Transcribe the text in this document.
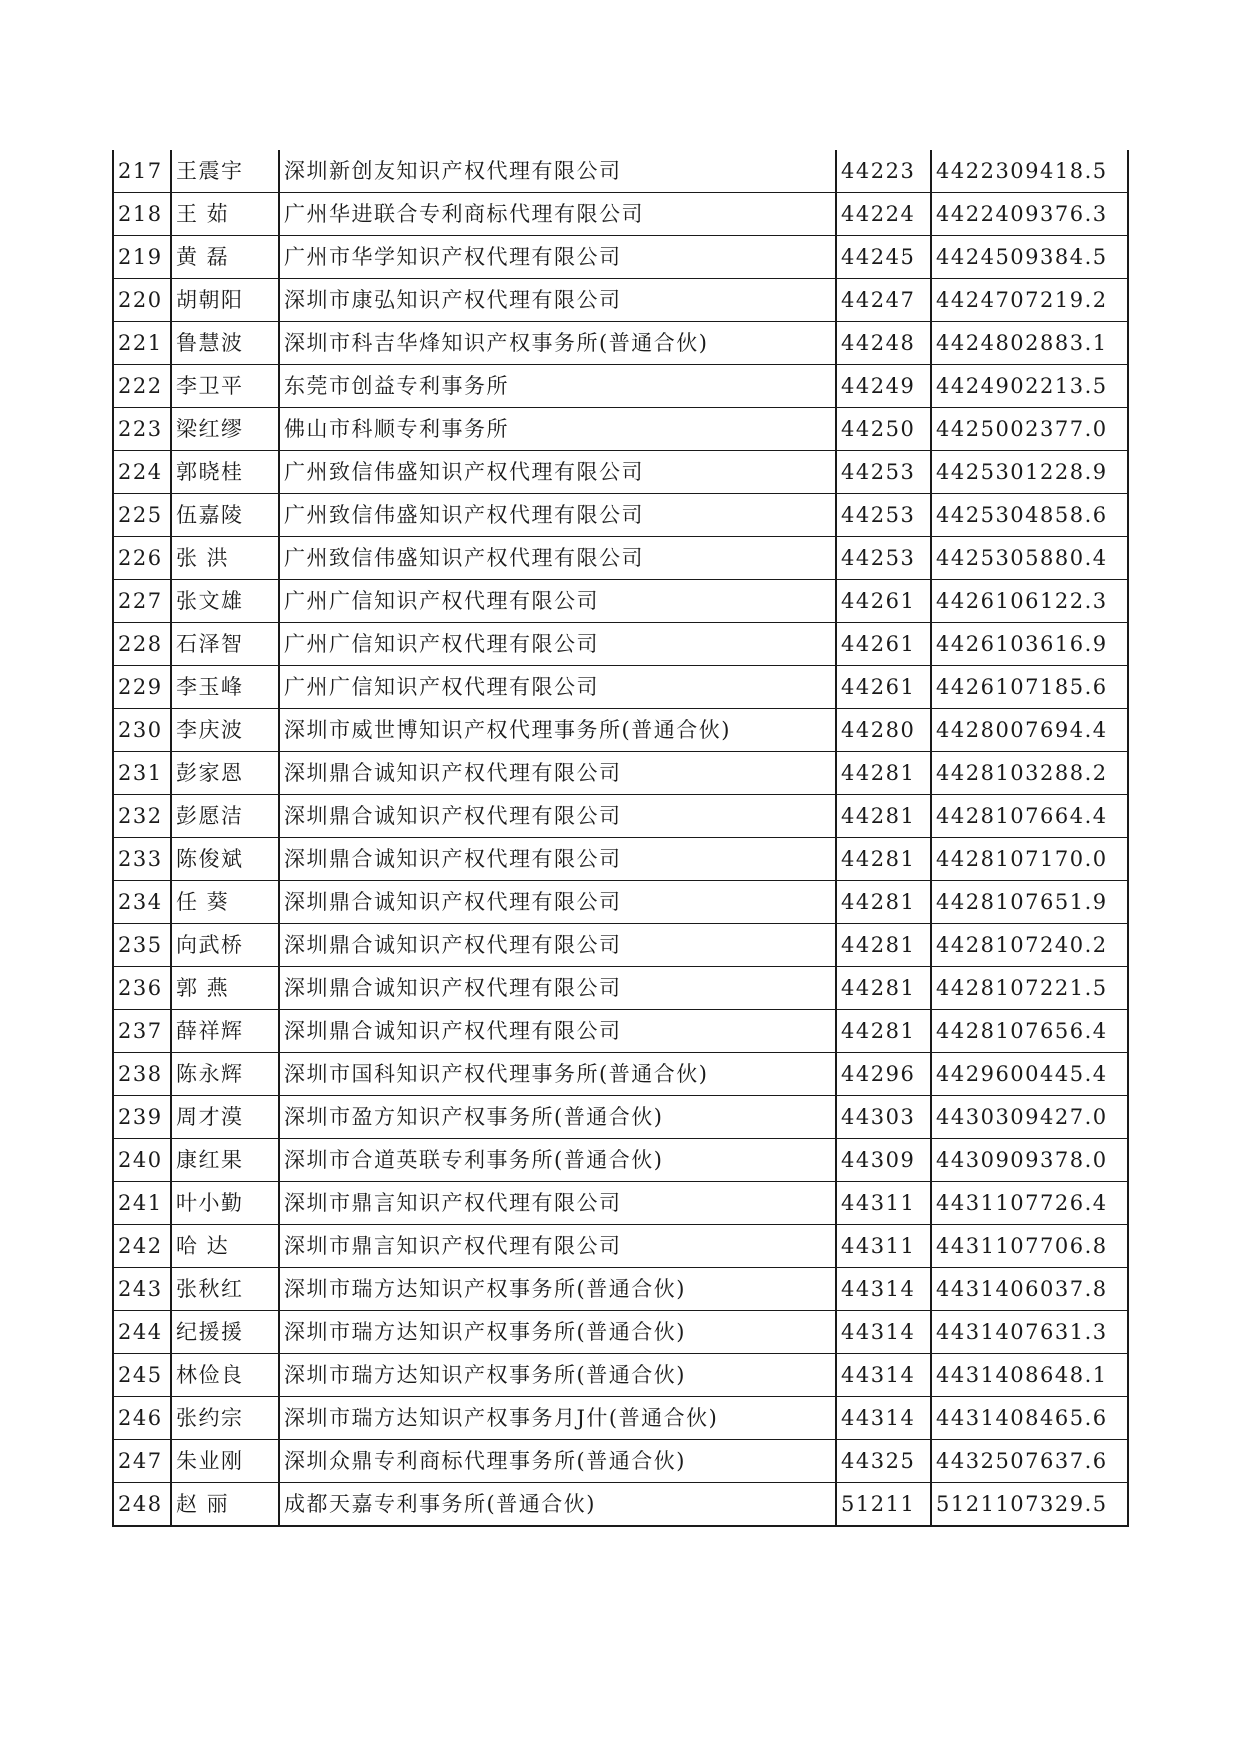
217	王震宇	深圳新创友知识产权代理有限公司	44223	4422309418.5
218	王 茹	广州华进联合专利商标代理有限公司	44224	4422409376.3
219	黄 磊	广州市华学知识产权代理有限公司	44245	4424509384.5
220	胡朝阳	深圳市康弘知识产权代理有限公司	44247	4424707219.2
221	鲁慧波	深圳市科吉华烽知识产权事务所(普通合伙)	44248	4424802883.1
222	李卫平	东莞市创益专利事务所	44249	4424902213.5
223	梁红缪	佛山市科顺专利事务所	44250	4425002377.0
224	郭晓桂	广州致信伟盛知识产权代理有限公司	44253	4425301228.9
225	伍嘉陵	广州致信伟盛知识产权代理有限公司	44253	4425304858.6
226	张 洪	广州致信伟盛知识产权代理有限公司	44253	4425305880.4
227	张文雄	广州广信知识产权代理有限公司	44261	4426106122.3
228	石泽智	广州广信知识产权代理有限公司	44261	4426103616.9
229	李玉峰	广州广信知识产权代理有限公司	44261	4426107185.6
230	李庆波	深圳市威世博知识产权代理事务所(普通合伙)	44280	4428007694.4
231	彭家恩	深圳鼎合诚知识产权代理有限公司	44281	4428103288.2
232	彭愿洁	深圳鼎合诚知识产权代理有限公司	44281	4428107664.4
233	陈俊斌	深圳鼎合诚知识产权代理有限公司	44281	4428107170.0
234	任 葵	深圳鼎合诚知识产权代理有限公司	44281	4428107651.9
235	向武桥	深圳鼎合诚知识产权代理有限公司	44281	4428107240.2
236	郭 燕	深圳鼎合诚知识产权代理有限公司	44281	4428107221.5
237	薛祥辉	深圳鼎合诚知识产权代理有限公司	44281	4428107656.4
238	陈永辉	深圳市国科知识产权代理事务所(普通合伙)	44296	4429600445.4
239	周才漠	深圳市盈方知识产权事务所(普通合伙)	44303	4430309427.0
240	康红果	深圳市合道英联专利事务所(普通合伙)	44309	4430909378.0
241	叶小勤	深圳市鼎言知识产权代理有限公司	44311	4431107726.4
242	哈 达	深圳市鼎言知识产权代理有限公司	44311	4431107706.8
243	张秋红	深圳市瑞方达知识产权事务所(普通合伙)	44314	4431406037.8
244	纪援援	深圳市瑞方达知识产权事务所(普通合伙)	44314	4431407631.3
245	林俭良	深圳市瑞方达知识产权事务所(普通合伙)	44314	4431408648.1
246	张约宗	深圳市瑞方达知识产权事务月J什(普通合伙)	44314	4431408465.6
247	朱业刚	深圳众鼎专利商标代理事务所(普通合伙)	44325	4432507637.6
248	赵 丽	成都天嘉专利事务所(普通合伙)	51211	5121107329.5
